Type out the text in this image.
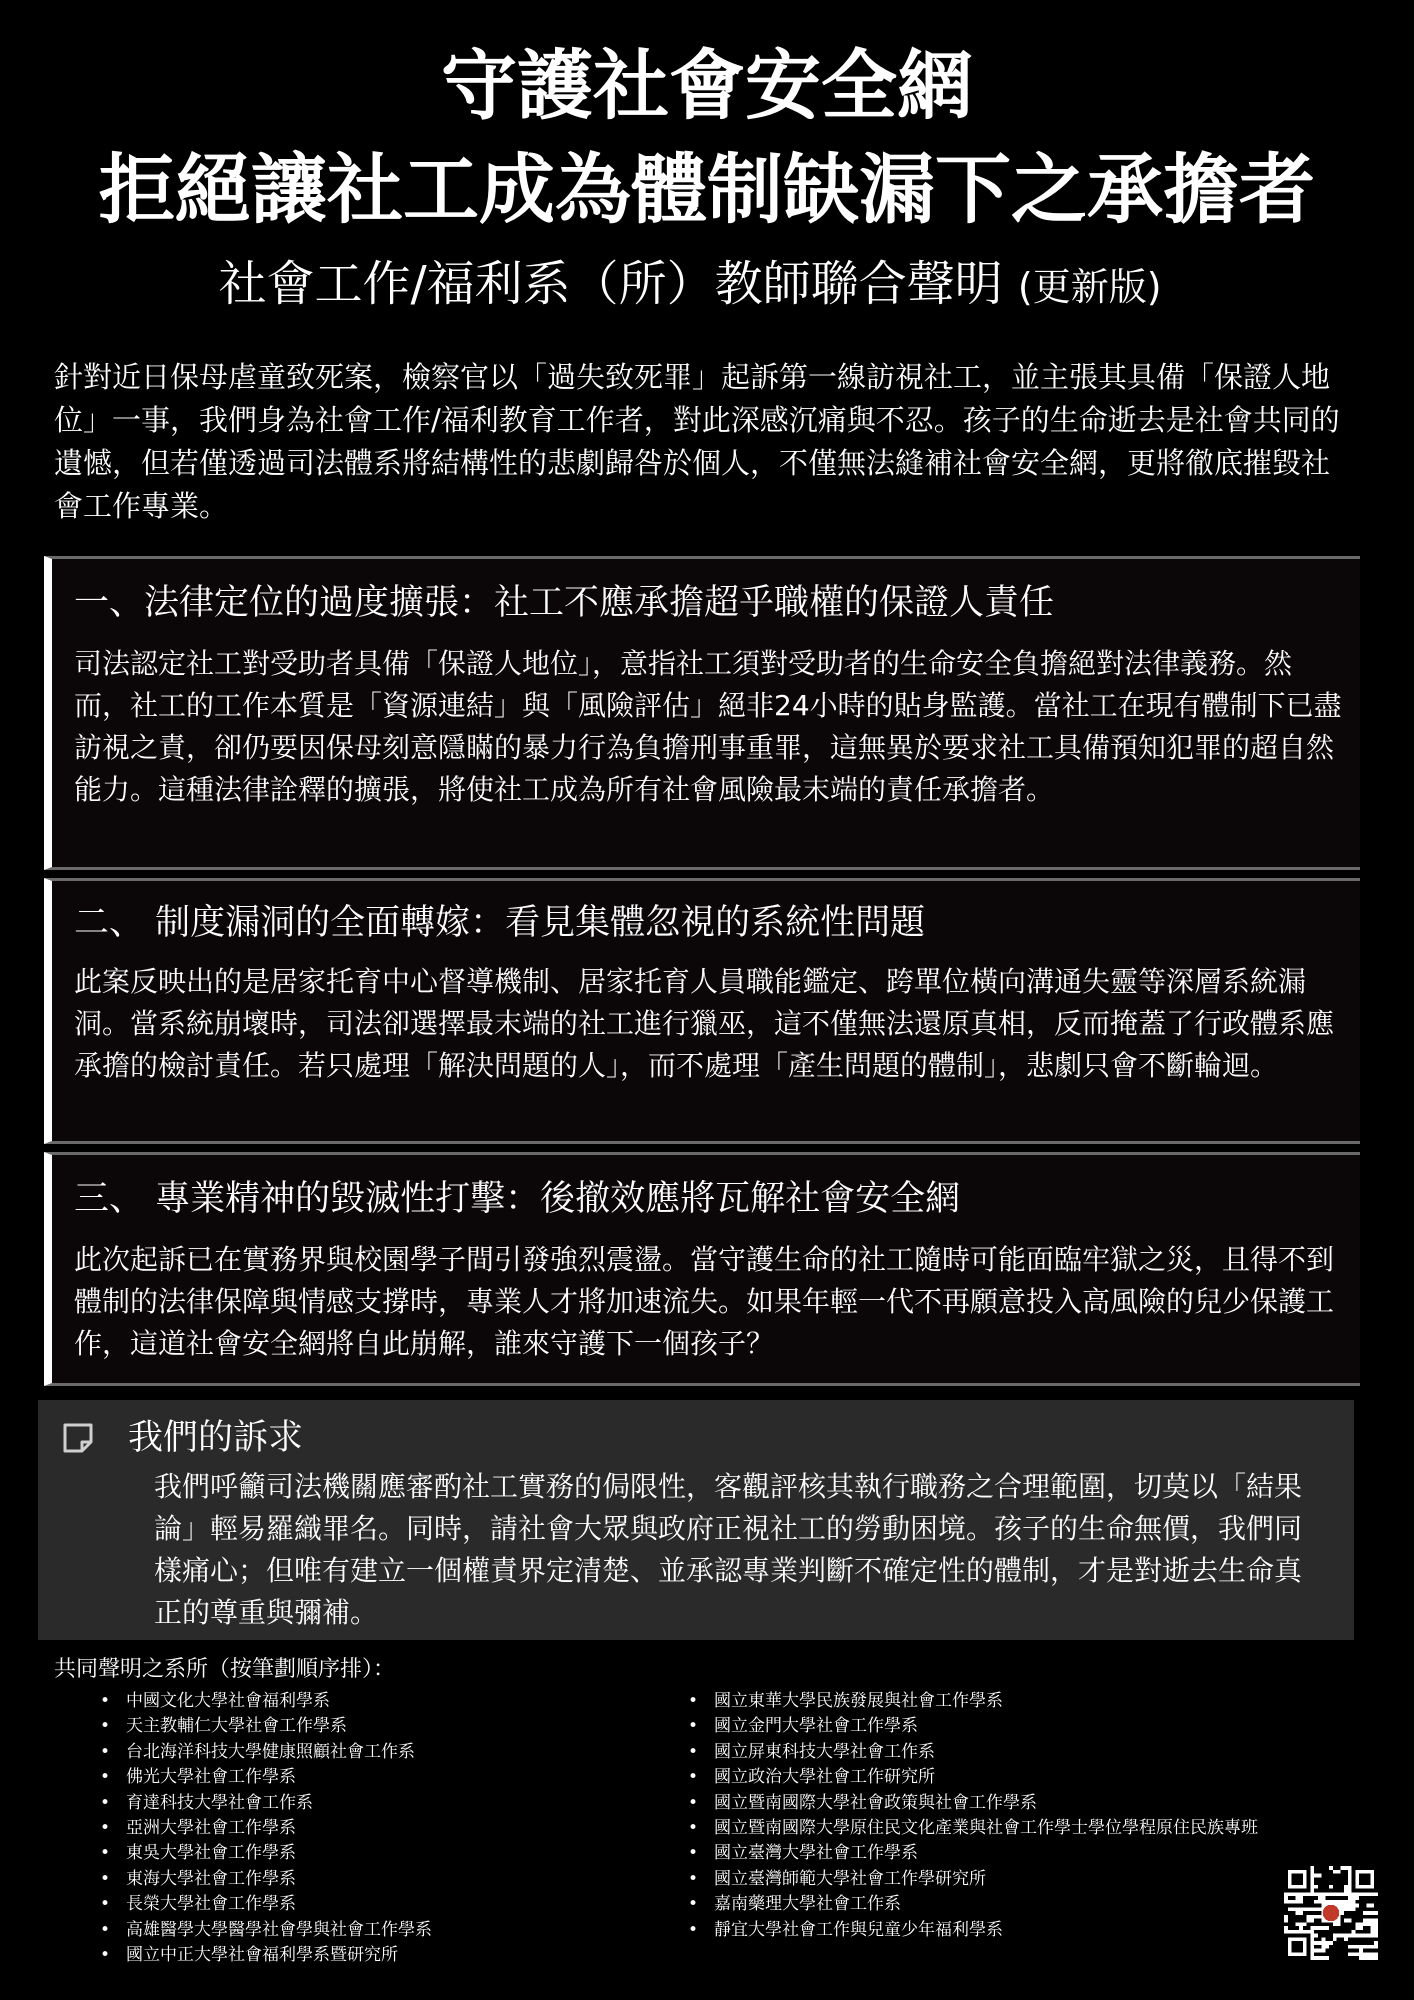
守護社會安全網
拒絕讓社工成為體制缺漏下之承擔者
社會工作/福利系（所）教師聯合聲明 (更新版)
針對近日保母虐童致死案，檢察官以「過失致死罪」起訴第一線訪視社工，並主張其具備「保證人地位」一事，我們身為社會工作/福利教育工作者，對此深感沉痛與不忍。孩子的生命逝去是社會共同的遺憾，但若僅透過司法體系將結構性的悲劇歸咎於個人，不僅無法縫補社會安全網，更將徹底摧毀社會工作專業。
一、法律定位的過度擴張：社工不應承擔超乎職權的保證人責任

司法認定社工對受助者具備「保證人地位」，意指社工須對受助者的生命安全負擔絕對法律義務。然而，社工的工作本質是「資源連結」與「風險評估」絕非24小時的貼身監護。當社工在現有體制下已盡訪視之責，卻仍要因保母刻意隱瞞的暴力行為負擔刑事重罪，這無異於要求社工具備預知犯罪的超自然能力。這種法律詮釋的擴張，將使社工成為所有社會風險最末端的責任承擔者。

二、 制度漏洞的全面轉嫁：看見集體忽視的系統性問題

此案反映出的是居家托育中心督導機制、居家托育人員職能鑑定、跨單位橫向溝通失靈等深層系統漏洞。當系統崩壞時，司法卻選擇最末端的社工進行獵巫，這不僅無法還原真相，反而掩蓋了行政體系應承擔的檢討責任。若只處理「解決問題的人」，而不處理「產生問題的體制」，悲劇只會不斷輪迴。

三、 專業精神的毀滅性打擊：後撤效應將瓦解社會安全網

此次起訴已在實務界與校園學子間引發強烈震盪。當守護生命的社工隨時可能面臨牢獄之災，且得不到體制的法律保障與情感支撐時，專業人才將加速流失。如果年輕一代不再願意投入高風險的兒少保護工作，這道社會安全網將自此崩解，誰來守護下一個孩子？

我們的訴求

我們呼籲司法機關應審酌社工實務的侷限性，客觀評核其執行職務之合理範圍，切莫以「結果論」輕易羅織罪名。同時，請社會大眾與政府正視社工的勞動困境。孩子的生命無價，我們同樣痛心；但唯有建立一個權責界定清楚、並承認專業判斷不確定性的體制，才是對逝去生命真正的尊重與彌補。

共同聲明之系所（按筆劃順序排）：
• 中國文化大學社會福利學系
• 天主教輔仁大學社會工作學系
• 台北海洋科技大學健康照顧社會工作系
• 佛光大學社會工作學系
• 育達科技大學社會工作系
• 亞洲大學社會工作學系
• 東吳大學社會工作學系
• 東海大學社會工作學系
• 長榮大學社會工作學系
• 高雄醫學大學醫學社會學與社會工作學系
• 國立中正大學社會福利學系暨研究所
• 國立東華大學民族發展與社會工作學系
• 國立金門大學社會工作學系
• 國立屏東科技大學社會工作系
• 國立政治大學社會工作研究所
• 國立暨南國際大學社會政策與社會工作學系
• 國立暨南國際大學原住民文化產業與社會工作學士學位學程原住民族專班
• 國立臺灣大學社會工作學系
• 國立臺灣師範大學社會工作學研究所
• 嘉南藥理大學社會工作系
• 靜宜大學社會工作與兒童少年福利學系
